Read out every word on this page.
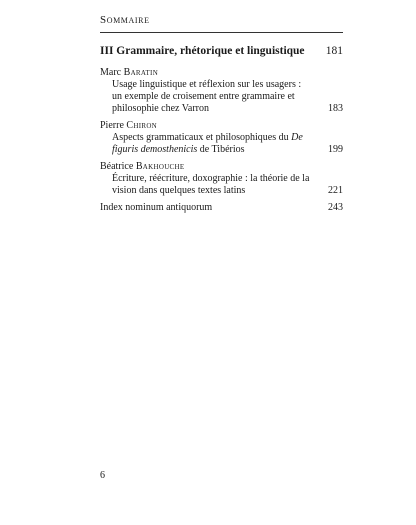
Sommaire
III Grammaire, rhétorique et linguistique 181
Marc Baratin
Usage linguistique et réflexion sur les usagers : un exemple de croisement entre grammaire et philosophie chez Varron	183
Pierre Chiron
Aspects grammaticaux et philosophiques du De figuris demosthenicis de Tibérios	199
Béatrice Bakhouche
Écriture, réécriture, doxographie : la théorie de la vision dans quelques textes latins	221
Index nominum antiquorum	243
6
